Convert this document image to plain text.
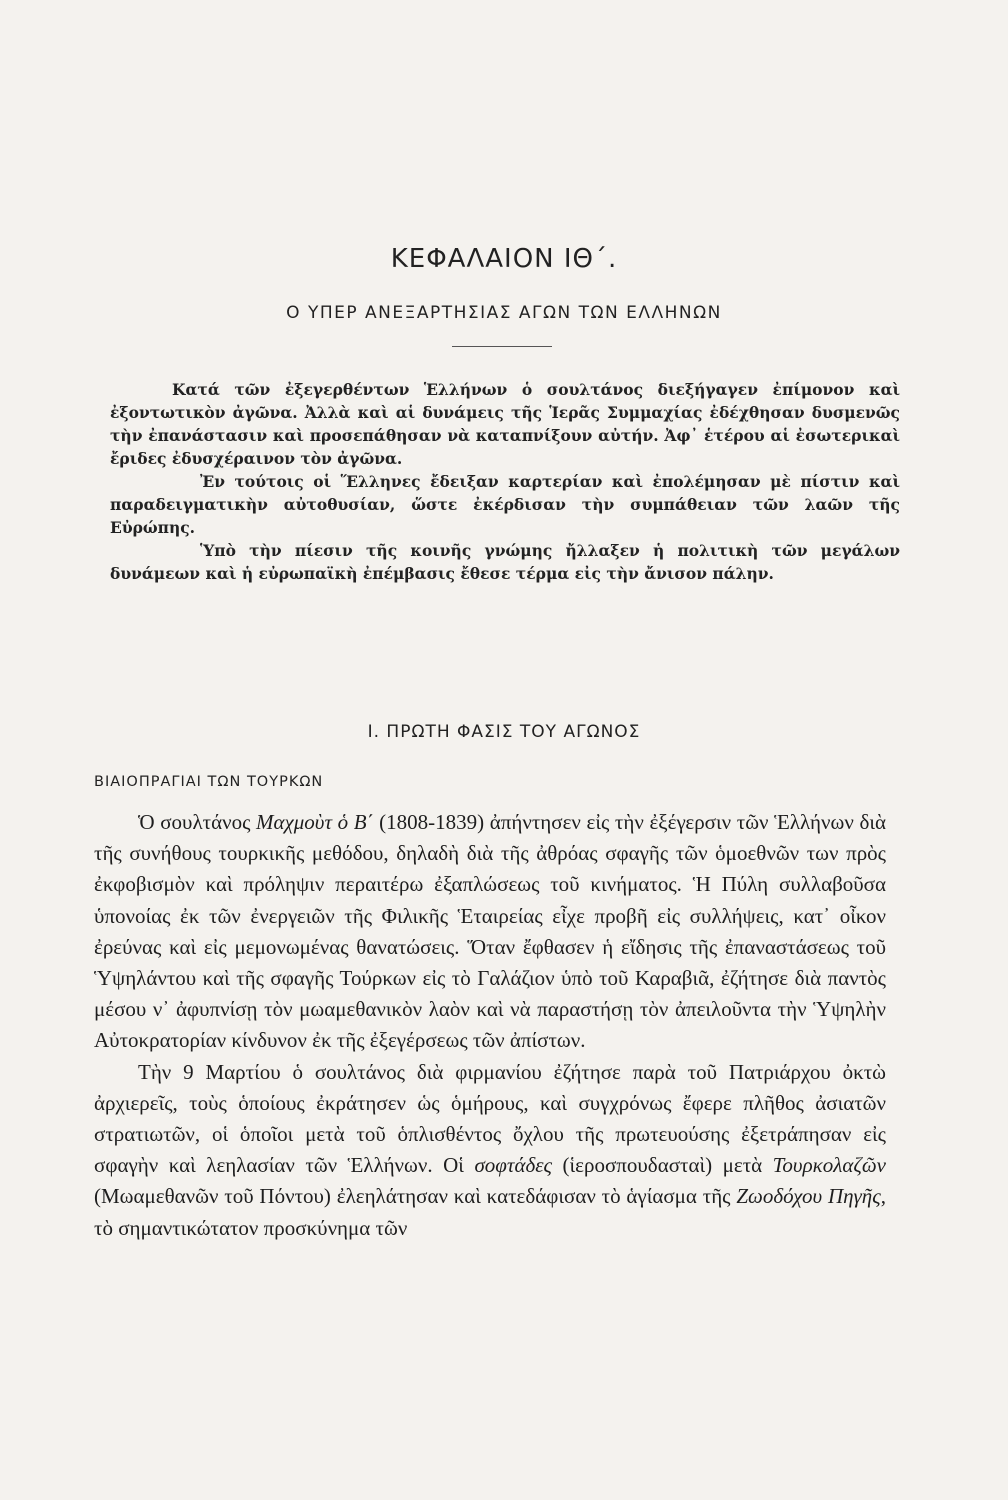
ΚΕΦΑΛΑΙΟΝ ΙΘ΄.
Ο ΥΠΕΡ ΑΝΕΞΑΡΤΗΣΙΑΣ ΑΓΩΝ ΤΩΝ ΕΛΛΗΝΩΝ

Κατά τῶν ἐξεγερθέντων Ἑλλήνων ὁ σουλτάνος διεξήγαγεν ἐπίμονον καὶ ἐξοντωτικὸν ἀγῶνα. Ἀλλὰ καὶ αἱ δυνάμεις τῆς Ἱερᾶς Συμμαχίας ἐδέχθησαν δυσμενῶς τὴν ἐπανάστασιν καὶ προσεπάθησαν νὰ καταπνίξουν αὐτήν. Ἀφ᾽ ἑτέρου αἱ ἐσωτερικαὶ ἔριδες ἐδυσχέραινον τὸν ἀγῶνα.

Ἐν τούτοις οἱ Ἕλληνες ἔδειξαν καρτερίαν καὶ ἐπολέμησαν μὲ πίστιν καὶ παραδειγματικὴν αὐτοθυσίαν, ὥστε ἐκέρδισαν τὴν συμπάθειαν τῶν λαῶν τῆς Εὐρώπης.

Ὑπὸ τὴν πίεσιν τῆς κοινῆς γνώμης ἤλλαξεν ἡ πολιτικὴ τῶν μεγάλων δυνάμεων καὶ ἡ εὐρωπαϊκὴ ἐπέμβασις ἔθεσε τέρμα εἰς τὴν ἄνισον πάλην.

Ι. ΠΡΩΤΗ ΦΑΣΙΣ ΤΟΥ ΑΓΩΝΟΣ
ΒΙΑΙΟΠΡΑΓΙΑΙ ΤΩΝ ΤΟΥΡΚΩΝ

Ὁ σουλτάνος Μαχμοὺτ ὁ Β΄ (1808-1839) ἀπήντησεν εἰς τὴν ἐξέγερσιν τῶν Ἑλλήνων διὰ τῆς συνήθους τουρκικῆς μεθόδου, δηλαδὴ διὰ τῆς ἀθρόας σφαγῆς τῶν ὁμοεθνῶν των πρὸς ἐκφοβισμὸν καὶ πρόληψιν περαιτέρω ἐξαπλώσεως τοῦ κινήματος. Ἡ Πύλη συλλαβοῦσα ὑπονοίας ἐκ τῶν ἐνεργειῶν τῆς Φιλικῆς Ἑταιρείας εἶχε προβῆ εἰς συλλήψεις, κατ᾽ οἶκον ἐρεύνας καὶ εἰς μεμονωμένας θανατώσεις. Ὅταν ἔφθασεν ἡ εἴδησις τῆς ἐπαναστάσεως τοῦ Ὑψηλάντου καὶ τῆς σφαγῆς Τούρκων εἰς τὸ Γαλάζιον ὑπὸ τοῦ Καραβιᾶ, ἐζήτησε διὰ παντὸς μέσου ν᾽ ἀφυπνίσῃ τὸν μωαμεθανικὸν λαὸν καὶ νὰ παραστήσῃ τὸν ἀπειλοῦντα τὴν Ὑψηλὴν Αὐτοκρατορίαν κίνδυνον ἐκ τῆς ἐξεγέρσεως τῶν ἀπίστων.

Τὴν 9 Μαρτίου ὁ σουλτάνος διὰ φιρμανίου ἐζήτησε παρὰ τοῦ Πατριάρχου ὀκτὼ ἀρχιερεῖς, τοὺς ὁποίους ἐκράτησεν ὡς ὁμήρους, καὶ συγχρόνως ἔφερε πλῆθος ἀσιατῶν στρατιωτῶν, οἱ ὁποῖοι μετὰ τοῦ ὁπλισθέντος ὄχλου τῆς πρωτευούσης ἐξετράπησαν εἰς σφαγὴν καὶ λεηλασίαν τῶν Ἑλλήνων. Οἱ σοφτάδες (ἱεροσπουδασταὶ) μετὰ Τουρκολαζῶν (Μωαμεθανῶν τοῦ Πόντου) ἐλεηλάτησαν καὶ κατεδάφισαν τὸ ἁγίασμα τῆς Ζωοδόχου Πηγῆς, τὸ σημαντικώτατον προσκύνημα τῶν
